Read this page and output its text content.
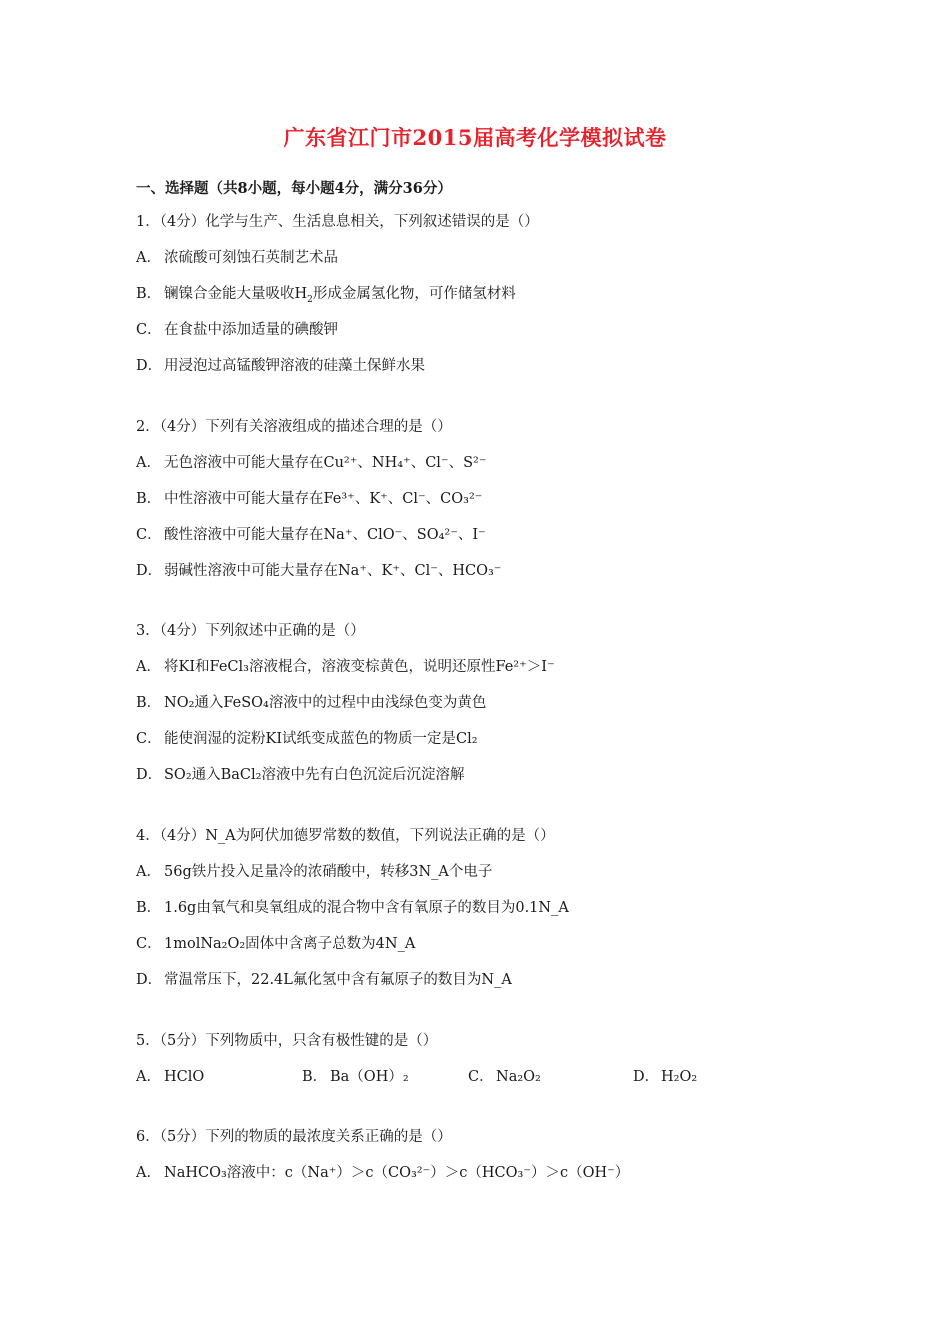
广东省江门市2015届高考化学模拟试卷
一、选择题（共8小题，每小题4分，满分36分）
1．（4分）化学与生产、生活息息相关，下列叙述错误的是（）
A． 浓硫酸可刻蚀石英制艺术品
B． 镧镍合金能大量吸收$H_2$形成金属氢化物，可作储氢材料
C． 在食盐中添加适量的碘酸钾
D． 用浸泡过高锰酸钾溶液的硅藻土保鲜水果
2．（4分）下列有关溶液组成的描述合理的是（）
A． 无色溶液中可能大量存在Cu²⁺、NH₄⁺、Cl⁻、S²⁻
B． 中性溶液中可能大量存在Fe³⁺、K⁺、Cl⁻、CO₃²⁻
C． 酸性溶液中可能大量存在Na⁺、ClO⁻、SO₄²⁻、I⁻
D． 弱碱性溶液中可能大量存在Na⁺、K⁺、Cl⁻、HCO₃⁻
3．（4分）下列叙述中正确的是（）
A． 将KI和FeCl₃溶液棍合，溶液变棕黄色，说明还原性Fe²⁺＞I⁻
B． NO₂通入FeSO₄溶液中的过程中由浅绿色变为黄色
C． 能使润湿的淀粉KI试纸变成蓝色的物质一定是Cl₂
D． SO₂通入BaCl₂溶液中先有白色沉淀后沉淀溶解
4．（4分）N_A为阿伏加德罗常数的数值，下列说法正确的是（）
A． 56g铁片投入足量冷的浓硝酸中，转移3N_A个电子
B． 1.6g由氧气和臭氧组成的混合物中含有氧原子的数目为0.1N_A
C． 1molNa₂O₂固体中含离子总数为4N_A
D． 常温常压下，22.4L氟化氢中含有氟原子的数目为N_A
5．（5分）下列物质中，只含有极性键的是（）
A． HClO	B． Ba（OH）₂	C． Na₂O₂	D． H₂O₂
6．（5分）下列的物质的最浓度关系正确的是（）
A． NaHCO₃溶液中：c（Na⁺）＞c（CO₃²⁻）＞c（HCO₃⁻）＞c（OH⁻）
